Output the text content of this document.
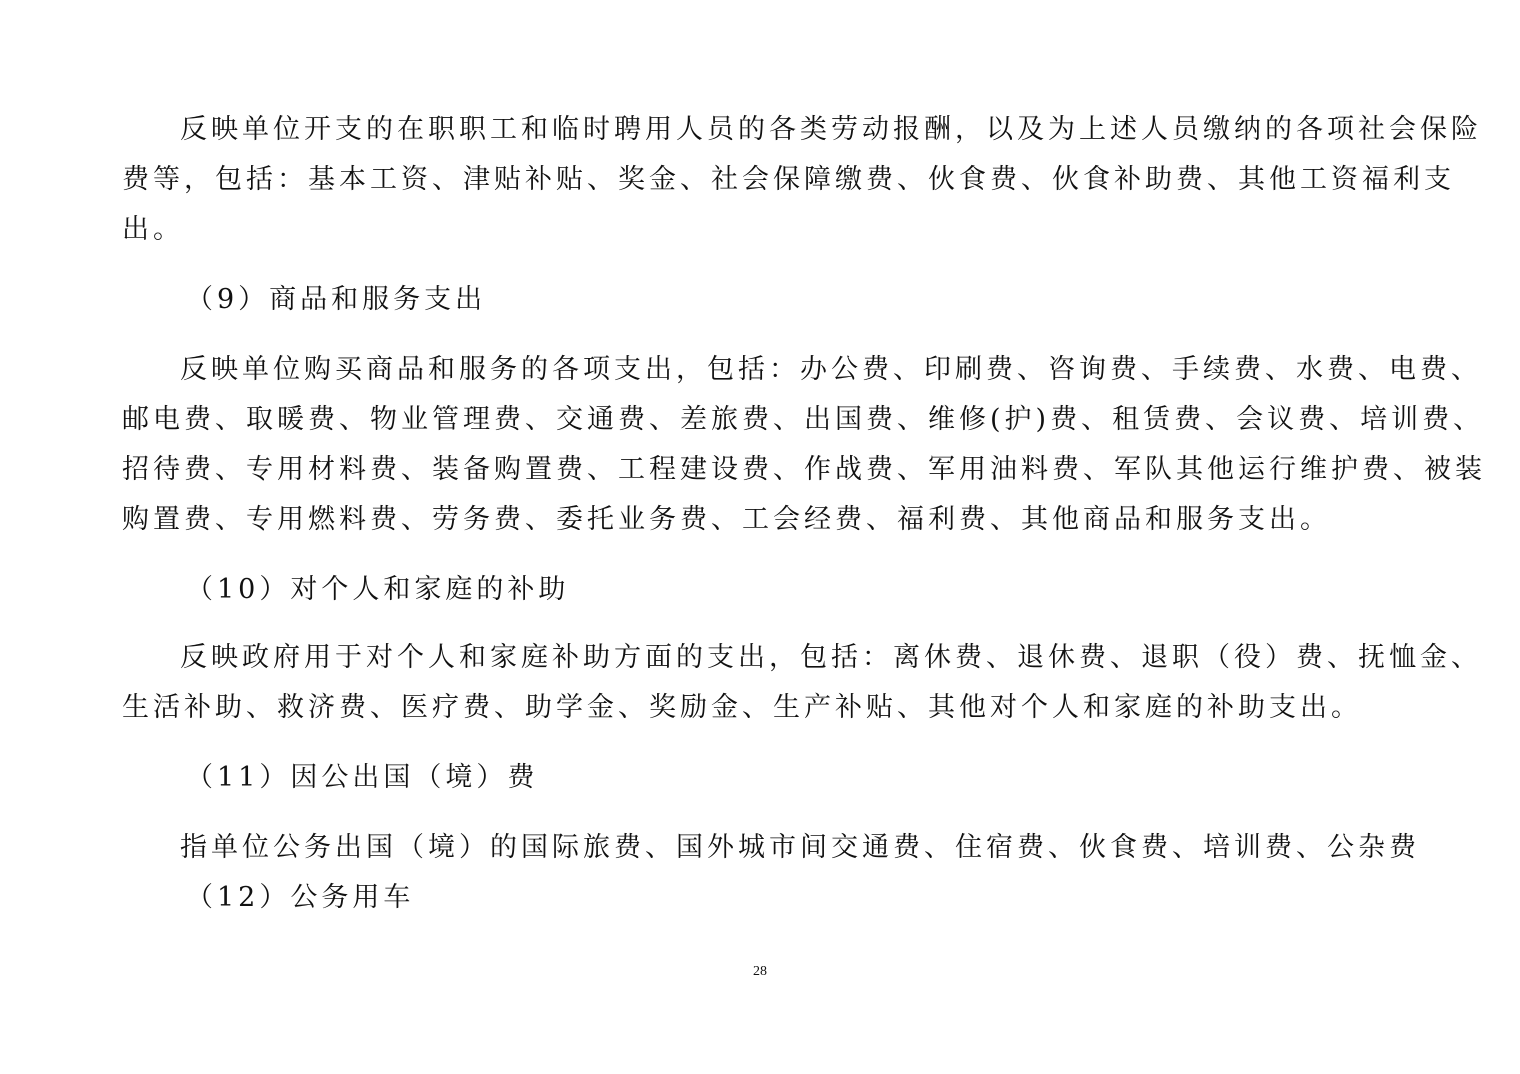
反映单位开支的在职职工和临时聘用人员的各类劳动报酬，以及为上述人员缴纳的各项社会保险
费等，包括：基本工资、津贴补贴、奖金、社会保障缴费、伙食费、伙食补助费、其他工资福利支
出。
（9）商品和服务支出
反映单位购买商品和服务的各项支出，包括：办公费、印刷费、咨询费、手续费、水费、电费、
邮电费、取暖费、物业管理费、交通费、差旅费、出国费、维修(护)费、租赁费、会议费、培训费、
招待费、专用材料费、装备购置费、工程建设费、作战费、军用油料费、军队其他运行维护费、被装
购置费、专用燃料费、劳务费、委托业务费、工会经费、福利费、其他商品和服务支出。
（10）对个人和家庭的补助
反映政府用于对个人和家庭补助方面的支出，包括：离休费、退休费、退职（役）费、抚恤金、
生活补助、救济费、医疗费、助学金、奖励金、生产补贴、其他对个人和家庭的补助支出。
（11）因公出国（境）费
指单位公务出国（境）的国际旅费、国外城市间交通费、住宿费、伙食费、培训费、公杂费
（12）公务用车
28
